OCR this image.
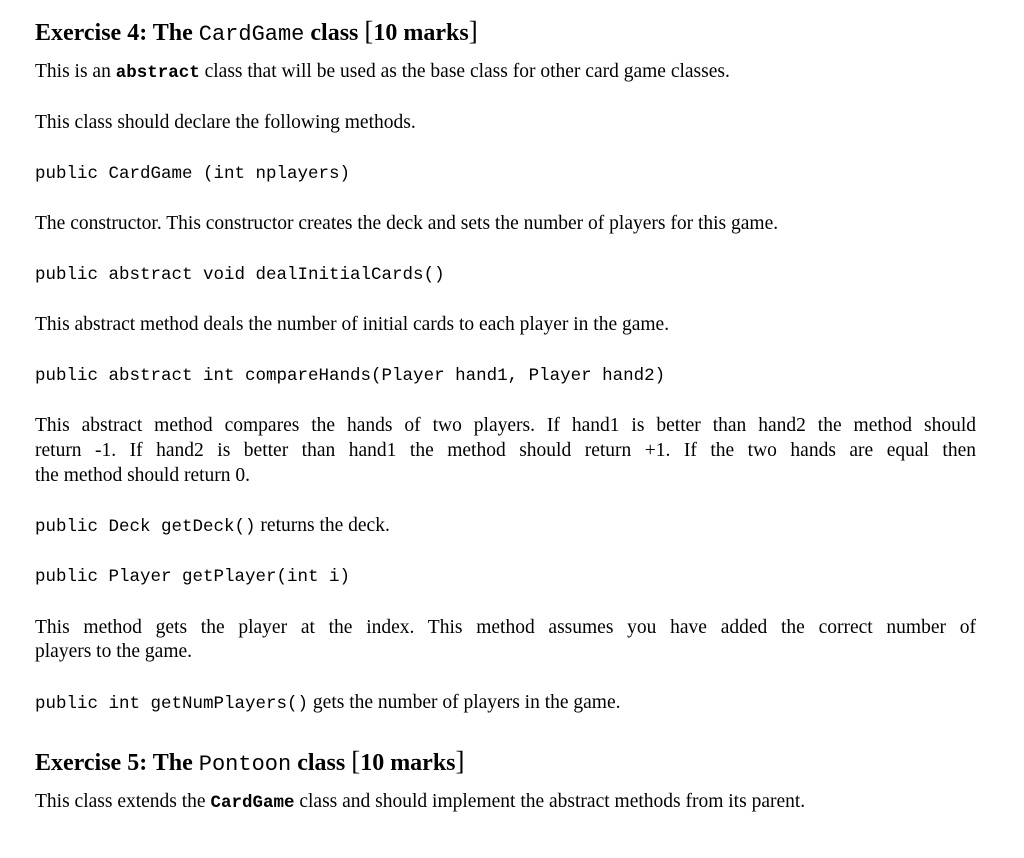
Exercise 4: The CardGame class [10 marks]

This is an abstract class that will be used as the base class for other card game classes.

This class should declare the following methods.

public CardGame (int nplayers)

The constructor. This constructor creates the deck and sets the number of players for this game.

public abstract void dealInitialCards()

This abstract method deals the number of initial cards to each player in the game.

public abstract int compareHands(Player hand1, Player hand2)

This abstract method compares the hands of two players. If hand1 is better than hand2 the method should

return -1. If hand2 is better than hand1 the method should return +1. If the two hands are equal then

the method should return 0.

public Deck getDeck() returns the deck.

public Player getPlayer(int i)

This method gets the player at the index. This method assumes you have added the correct number of

players to the game.

public int getNumPlayers() gets the number of players in the game.

Exercise 5: The Pontoon class [10 marks]

This class extends the CardGame class and should implement the abstract methods from its parent.
